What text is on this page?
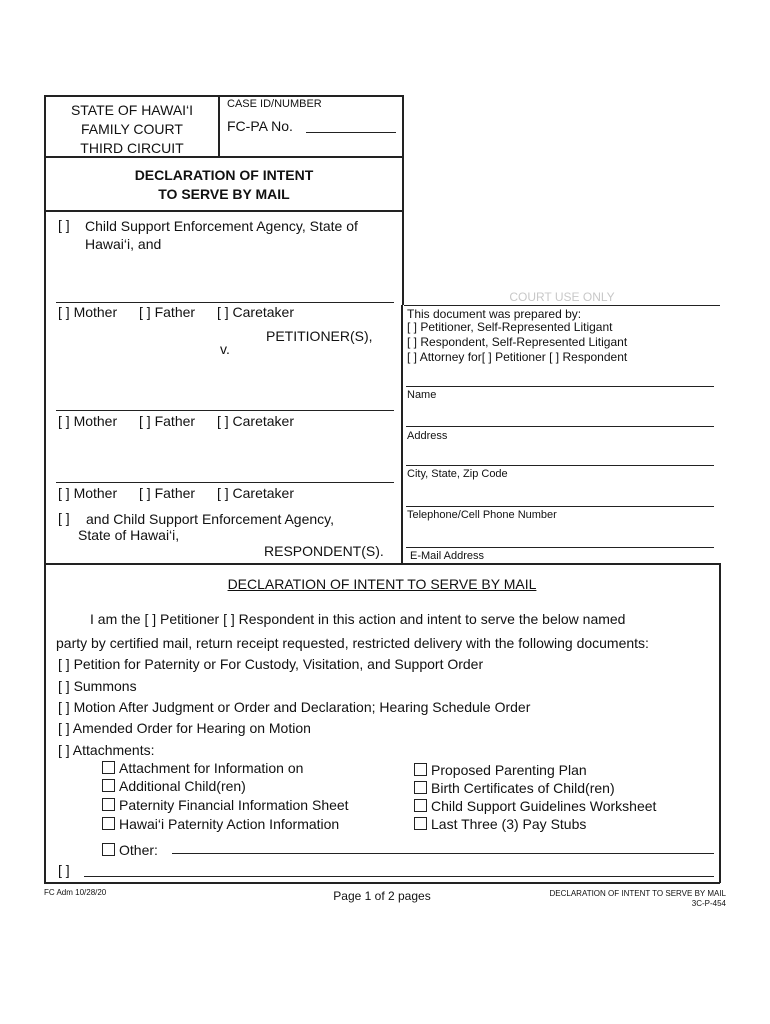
STATE OF HAWAI‘I
FAMILY COURT
THIRD CIRCUIT
CASE ID/NUMBER
FC-PA No.
DECLARATION OF INTENT
TO SERVE BY MAIL
[ ] Child Support Enforcement Agency, State of
Hawai‘i, and
[ ] Mother [ ] Father [ ] Caretaker
PETITIONER(S),
v.
[ ] Mother [ ] Father [ ] Caretaker
[ ] Mother [ ] Father [ ] Caretaker
[ ]	and Child Support Enforcement Agency,
State of Hawai‘i,
RESPONDENT(S).
COURT USE ONLY
This document was prepared by:
[ ] Petitioner, Self-Represented Litigant
[ ] Respondent, Self-Represented Litigant
[ ] Attorney for[ ] Petitioner [ ] Respondent
Name
Address
City, State, Zip Code
Telephone/Cell Phone Number
E-Mail Address
DECLARATION OF INTENT TO SERVE BY MAIL
I am the [ ] Petitioner [ ] Respondent in this action and intent to serve the below named
party by certified mail, return receipt requested, restricted delivery with the following documents:
[ ] Petition for Paternity or For Custody, Visitation, and Support Order
[ ] Summons
[ ] Motion After Judgment or Order and Declaration; Hearing Schedule Order
[ ] Amended Order for Hearing on Motion
[ ] Attachments:
Attachment for Information on
Additional Child(ren)
Paternity Financial Information Sheet
Hawai‘i Paternity Action Information
Proposed Parenting Plan
Birth Certificates of Child(ren)
Child Support Guidelines Worksheet
Last Three (3) Pay Stubs
Other:
[ ]
FC Adm 10/28/20	Page 1 of 2 pages	DECLARATION OF INTENT TO SERVE BY MAIL
3C-P-454
